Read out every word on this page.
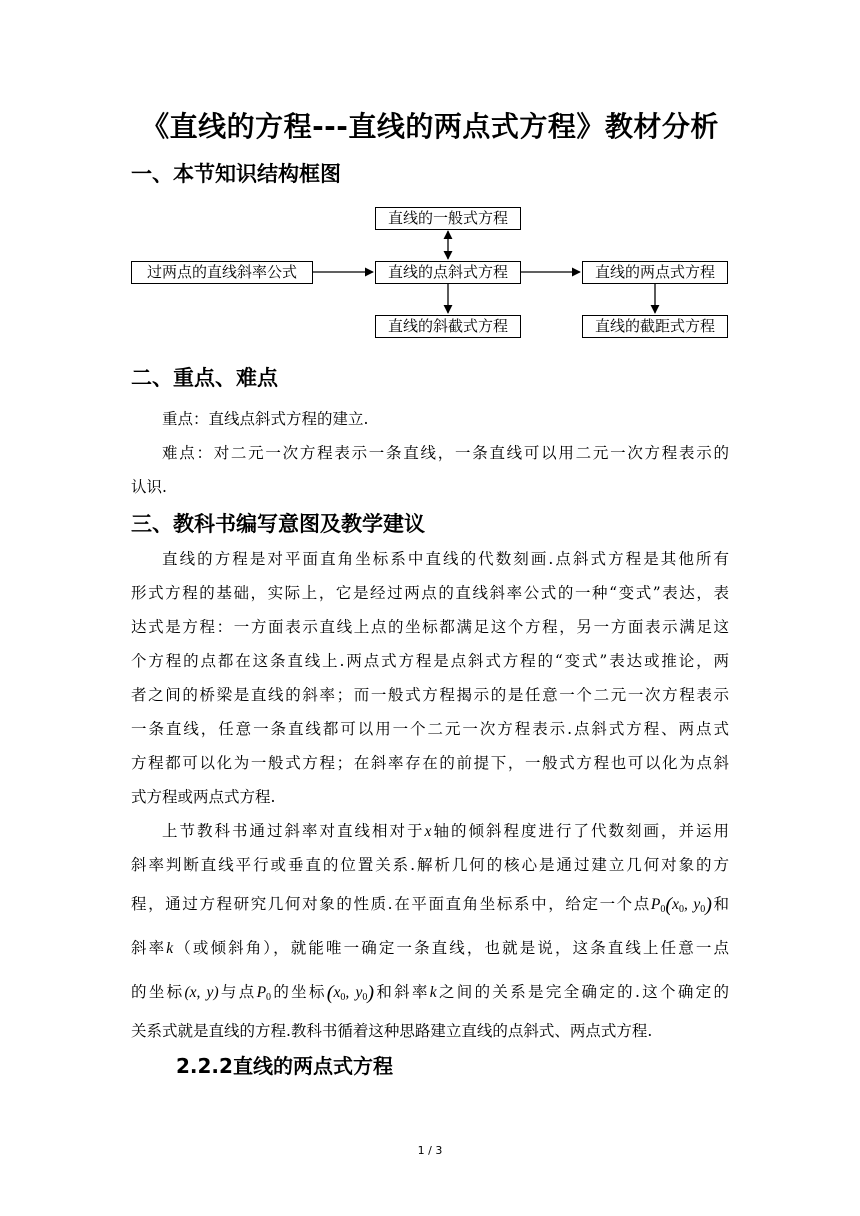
《直线的方程---直线的两点式方程》教材分析
一、本节知识结构框图
直线的一般式方程
过两点的直线斜率公式	直线的点斜式方程	直线的两点式方程
直线的斜截式方程	直线的截距式方程
二、重点、难点
重点：直线点斜式方程的建立.
难点：对二元一次方程表示一条直线，一条直线可以用二元一次方程表示的
认识.
三、教科书编写意图及教学建议
直线的方程是对平面直角坐标系中直线的代数刻画.点斜式方程是其他所有
形式方程的基础，实际上，它是经过两点的直线斜率公式的一种“变式”表达，表
达式是方程：一方面表示直线上点的坐标都满足这个方程，另一方面表示满足这
个方程的点都在这条直线上.两点式方程是点斜式方程的“变式”表达或推论，两
者之间的桥梁是直线的斜率；而一般式方程揭示的是任意一个二元一次方程表示
一条直线，任意一条直线都可以用一个二元一次方程表示.点斜式方程、两点式
方程都可以化为一般式方程；在斜率存在的前提下，一般式方程也可以化为点斜
式方程或两点式方程.
上节教科书通过斜率对直线相对于x轴的倾斜程度进行了代数刻画，并运用
斜率判断直线平行或垂直的位置关系.解析几何的核心是通过建立几何对象的方
程，通过方程研究几何对象的性质.在平面直角坐标系中，给定一个点$P_0(x_0$, $y_0$)和
斜率k（或倾斜角），就能唯一确定一条直线，也就是说，这条直线上任意一点
的坐标(x, y)与点$P_0$的坐标($x_0$, $y_0$)和斜率k之间的关系是完全确定的.这个确定的
关系式就是直线的方程.教科书循着这种思路建立直线的点斜式、两点式方程.
2.2.2直线的两点式方程
1 / 3
